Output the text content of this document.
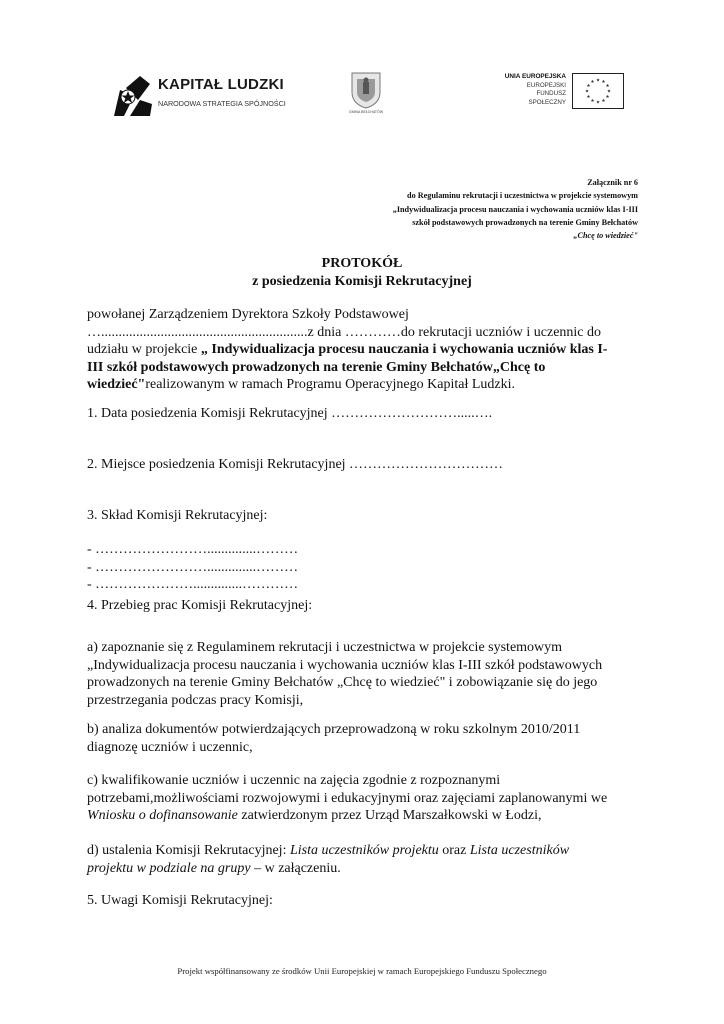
KAPITAŁ LUDZKI
NARODOWA STRATEGIA SPÓJNOŚCI
GMINA BEŁCHATÓW
UNIA EUROPEJSKA
EUROPEJSKI
FUNDUSZ SPOŁECZNY
Załącznik nr 6
do Regulaminu rekrutacji i uczestnictwa w projekcie systemowym
„Indywidualizacja procesu nauczania i wychowania uczniów klas I-III
szkół podstawowych prowadzonych na terenie Gminy Bełchatów
„Chcę to wiedzieć"
PROTOKÓŁ
z posiedzenia Komisji Rekrutacyjnej
powołanej Zarządzeniem Dyrektora Szkoły Podstawowej
…...........................................................z dnia …………do rekrutacji uczniów i uczennic do
udziału w projekcie „ Indywidualizacja procesu nauczania i wychowania uczniów klas I-
III szkół podstawowych prowadzonych na terenie Gminy Bełchatów„Chcę to
wiedzieć"realizowanym w ramach Programu Operacyjnego Kapitał Ludzki.
1. Data posiedzenia Komisji Rekrutacyjnej ……………………….....….
2. Miejsce posiedzenia Komisji Rekrutacyjnej ……………………………
3. Skład Komisji Rekrutacyjnej:
- ……………………..............………
- ……………………..............………
- …………………..............…………
4. Przebieg prac Komisji Rekrutacyjnej:
a) zapoznanie się z Regulaminem rekrutacji i uczestnictwa w projekcie systemowym
„Indywidualizacja procesu nauczania i wychowania uczniów klas I-III szkół podstawowych
prowadzonych na terenie Gminy Bełchatów „Chcę to wiedzieć" i zobowiązanie się do jego
przestrzegania podczas pracy Komisji,
b) analiza dokumentów potwierdzających przeprowadzoną w roku szkolnym 2010/2011
diagnozę uczniów i uczennic,
c) kwalifikowanie uczniów i uczennic na zajęcia zgodnie z rozpoznanymi
potrzebami,możliwościami rozwojowymi i edukacyjnymi oraz zajęciami zaplanowanymi we
Wniosku o dofinansowanie zatwierdzonym przez Urząd Marszałkowski w Łodzi,
d) ustalenia Komisji Rekrutacyjnej: Lista uczestników projektu oraz Lista uczestników
projektu w podziale na grupy – w załączeniu.
5. Uwagi Komisji Rekrutacyjnej:
Projekt współfinansowany ze środków Unii Europejskiej w ramach Europejskiego Funduszu Społecznego
